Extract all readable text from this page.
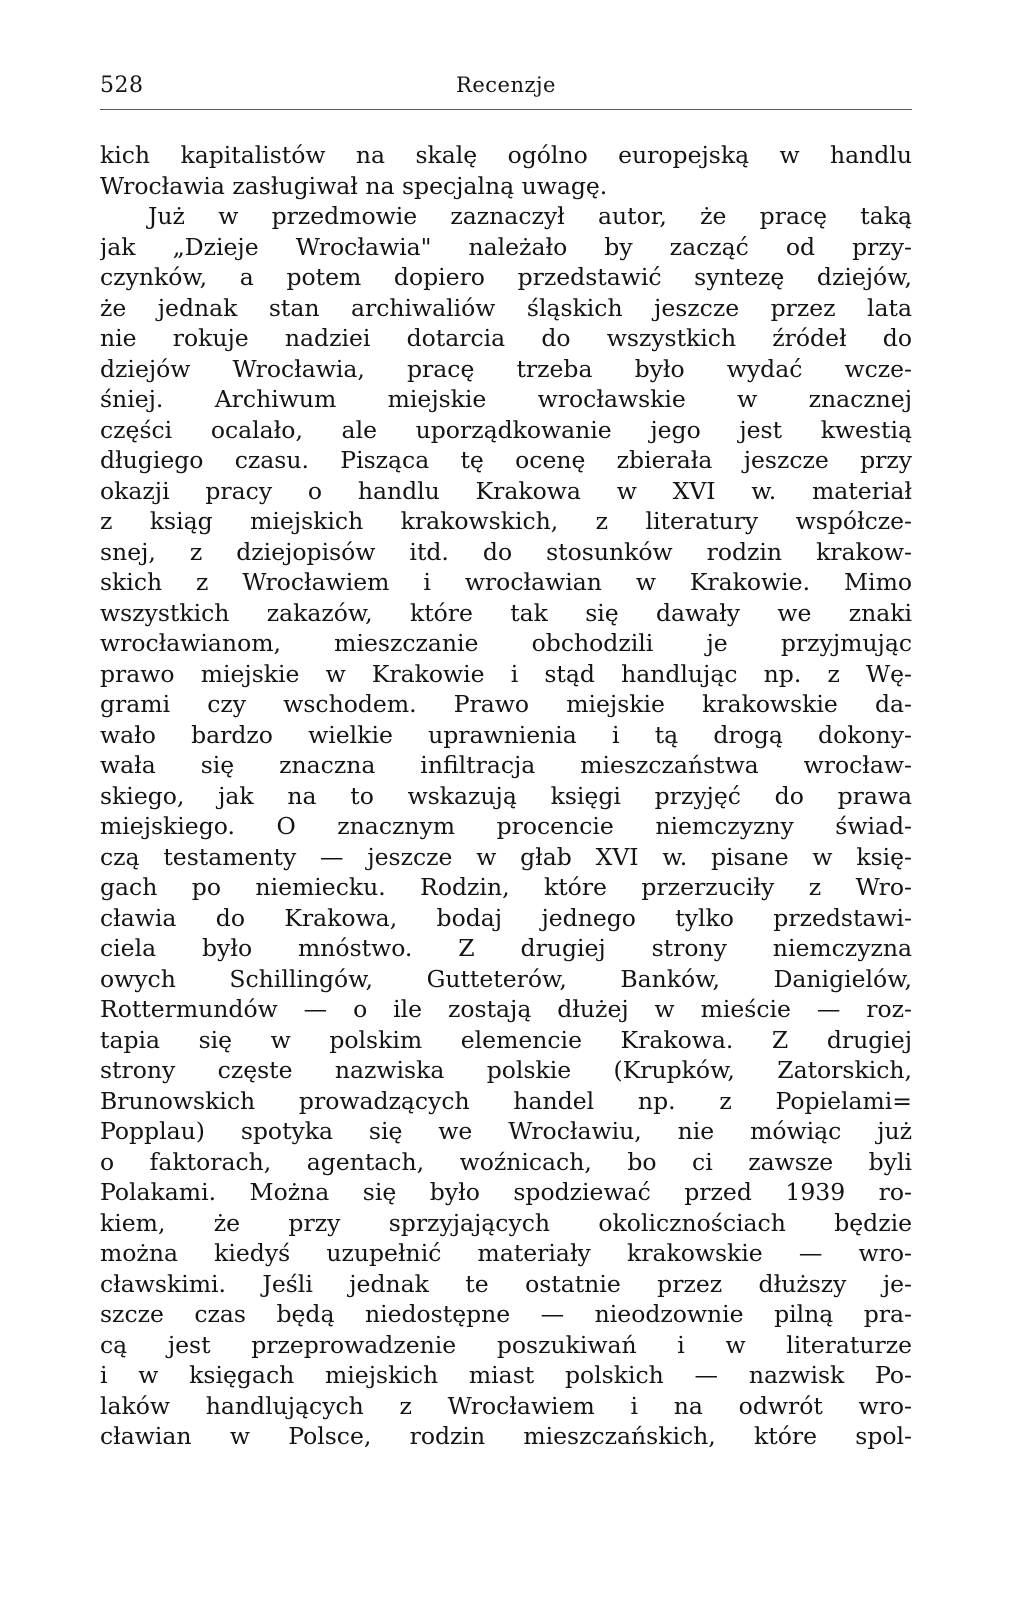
528	Recenzje
kich kapitalistów na skalę ogólno europejską w handlu
Wrocławia zasługiwał na specjalną uwagę.
Już w przedmowie zaznaczył autor, że pracę taką
jak „Dzieje Wrocławia" należało by zacząć od przy-
czynków, a potem dopiero przedstawić syntezę dziejów,
że jednak stan archiwaliów śląskich jeszcze przez lata
nie rokuje nadziei dotarcia do wszystkich źródeł do
dziejów Wrocławia, pracę trzeba było wydać wcze-
śniej. Archiwum miejskie wrocławskie w znacznej
części ocalało, ale uporządkowanie jego jest kwestią
długiego czasu. Pisząca tę ocenę zbierała jeszcze przy
okazji pracy o handlu Krakowa w XVI w. materiał
z ksiąg miejskich krakowskich, z literatury współcze-
snej, z dziejopisów itd. do stosunków rodzin krakow-
skich z Wrocławiem i wrocławian w Krakowie. Mimo
wszystkich zakazów, które tak się dawały we znaki
wrocławianom, mieszczanie obchodzili je przyjmując
prawo miejskie w Krakowie i stąd handlując np. z Wę-
grami czy wschodem. Prawo miejskie krakowskie da-
wało bardzo wielkie uprawnienia i tą drogą dokony-
wała się znaczna infiltracja mieszczaństwa wrocław-
skiego, jak na to wskazują księgi przyjęć do prawa
miejskiego. O znacznym procencie niemczyzny świad-
czą testamenty — jeszcze w głab XVI w. pisane w księ-
gach po niemiecku. Rodzin, które przerzuciły z Wro-
cławia do Krakowa, bodaj jednego tylko przedstawi-
ciela było mnóstwo. Z drugiej strony niemczyzna
owych Schillingów, Gutteterów, Banków, Danigielów,
Rottermundów — o ile zostają dłużej w mieście — roz-
tapia się w polskim elemencie Krakowa. Z drugiej
strony częste nazwiska polskie (Krupków, Zatorskich,
Brunowskich prowadzących handel np. z Popielami=
Popplau) spotyka się we Wrocławiu, nie mówiąc już
o faktorach, agentach, woźnicach, bo ci zawsze byli
Polakami. Można się było spodziewać przed 1939 ro-
kiem, że przy sprzyjających okolicznościach będzie
można kiedyś uzupełnić materiały krakowskie — wro-
cławskimi. Jeśli jednak te ostatnie przez dłuższy je-
szcze czas będą niedostępne — nieodzownie pilną pra-
cą jest przeprowadzenie poszukiwań i w literaturze
i w księgach miejskich miast polskich — nazwisk Po-
laków handlujących z Wrocławiem i na odwrót wro-
cławian w Polsce, rodzin mieszczańskich, które spol-
